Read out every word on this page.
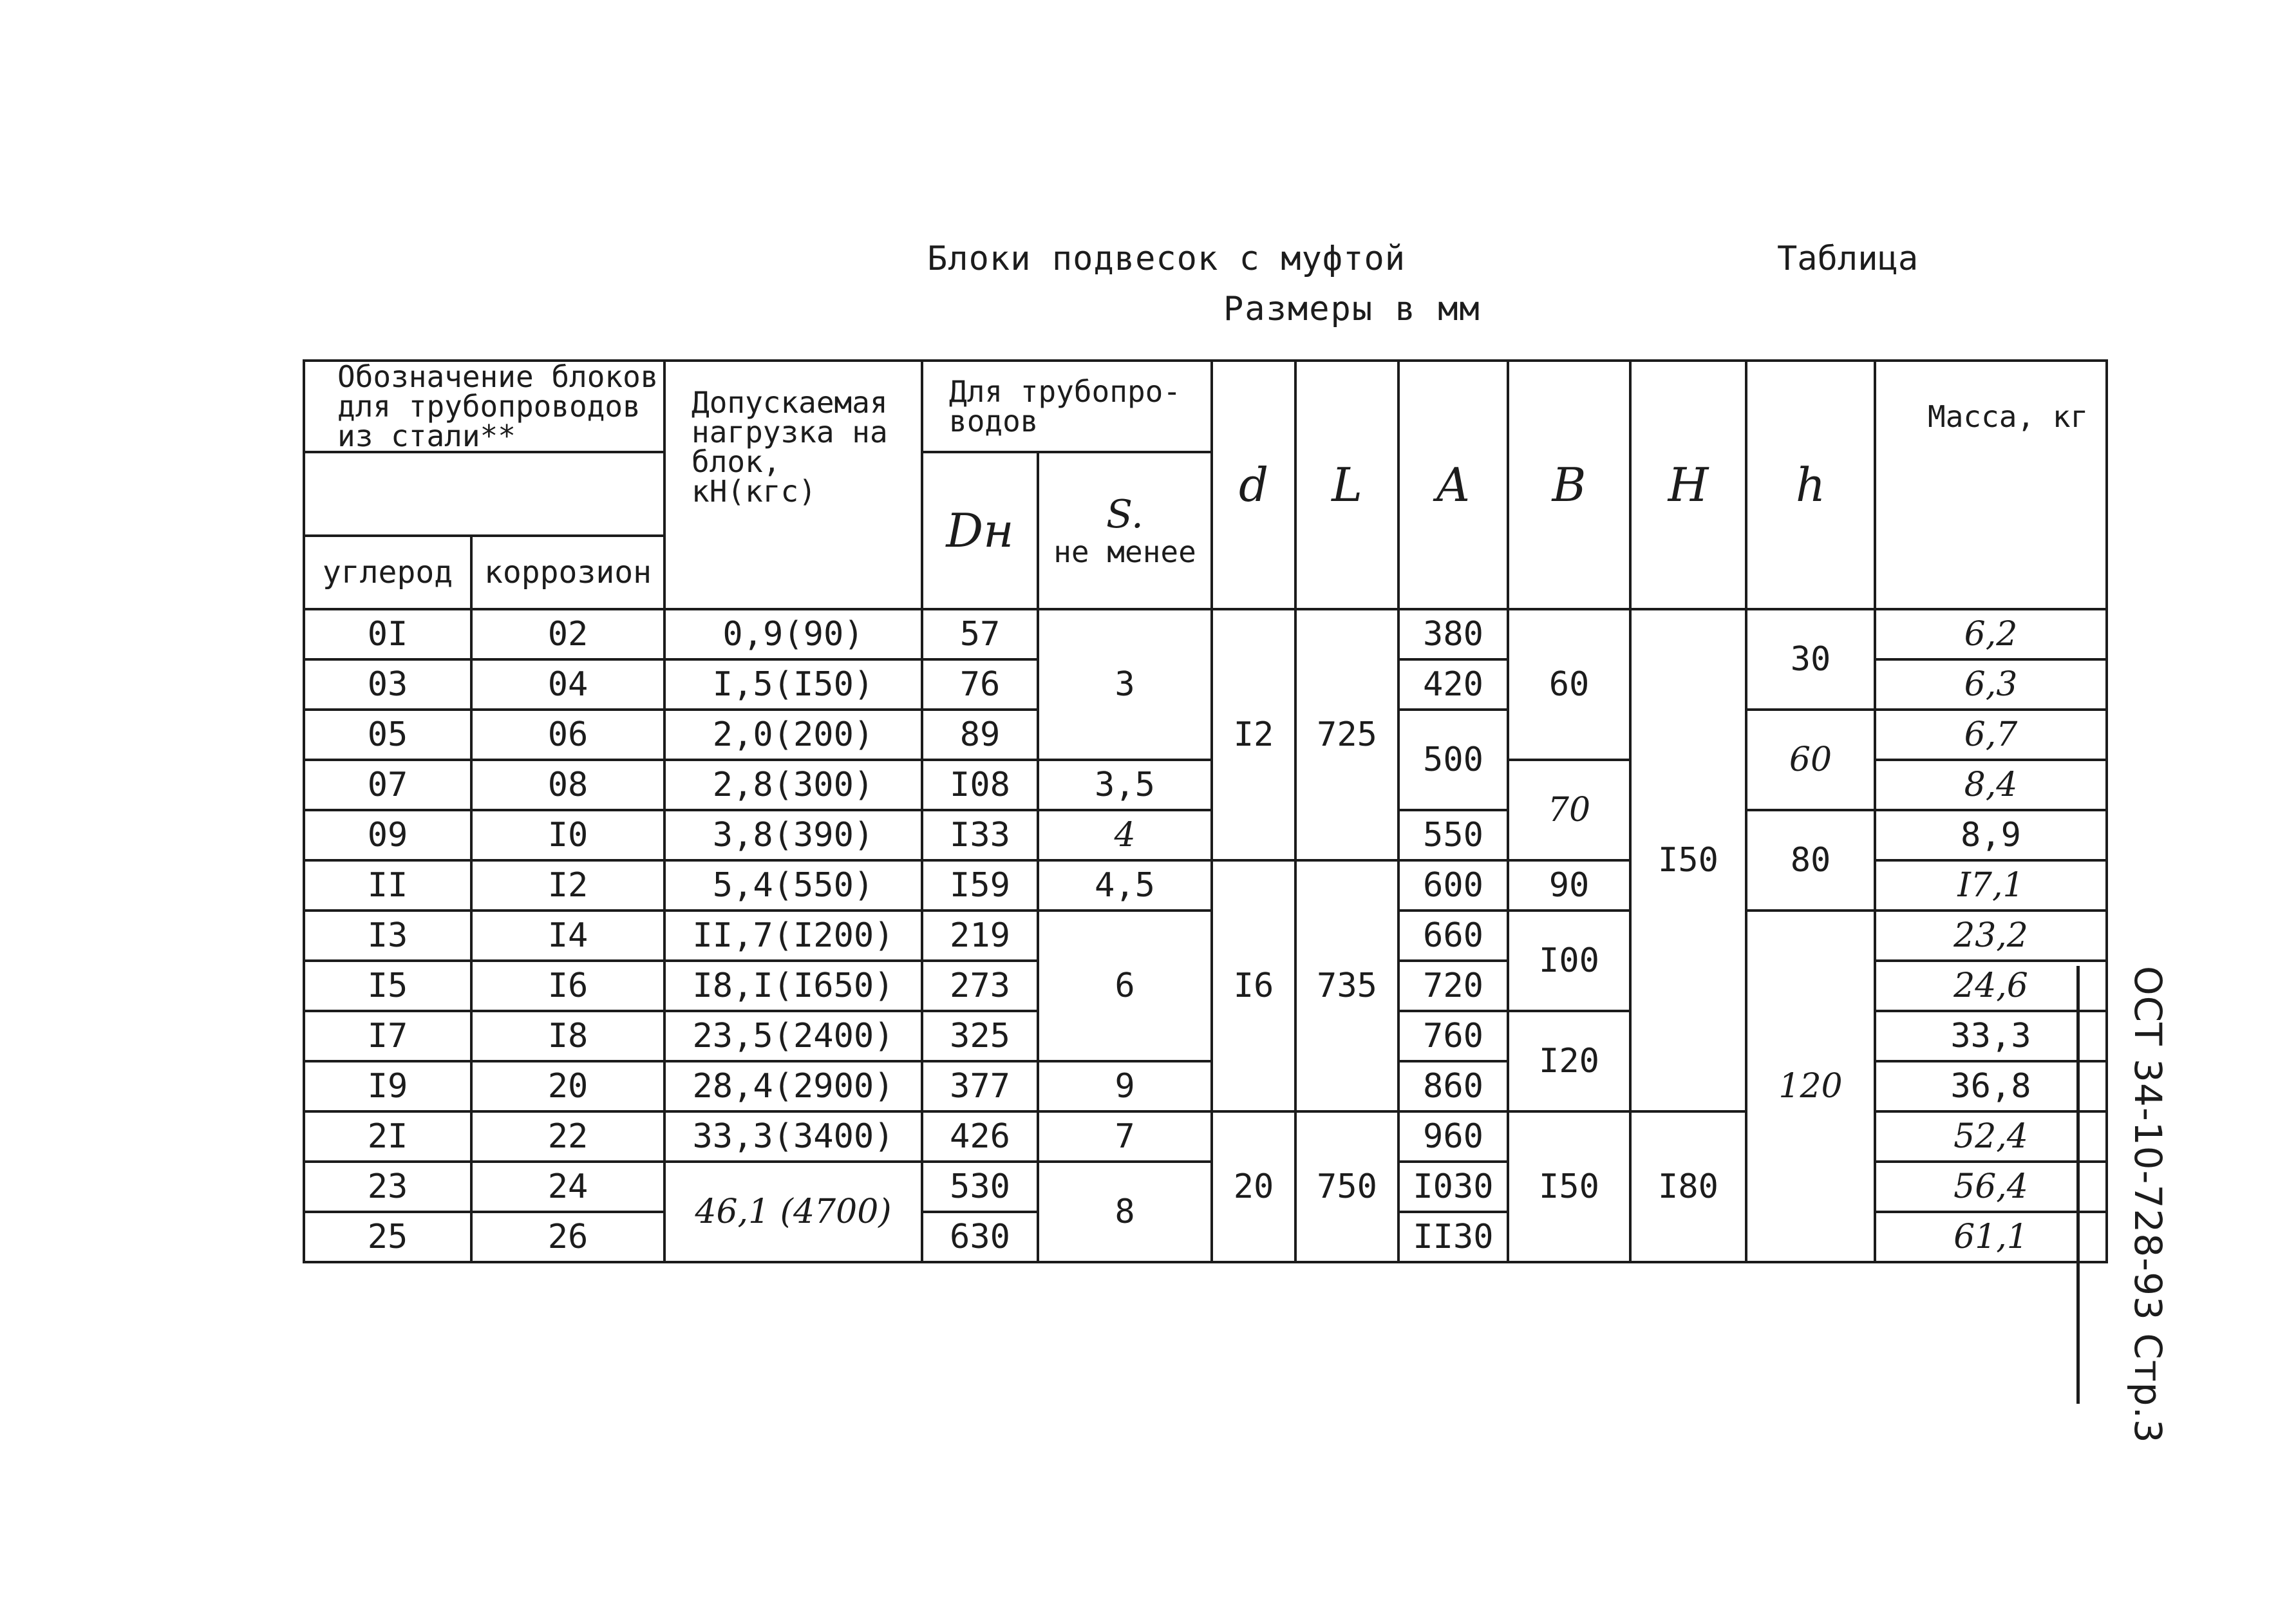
Блоки подвесок с муфтой	Таблица
Размеры в мм
Обозначение блоков для трубопроводов из стали**		Допускаемая нагрузка на блок, кН(кгс)	Для трубопро-водов		d	L	A	B	H	h	Масса, кг
			Dн	S.
не менее							

углерод	коррозион										
0I	02	0,9(90)	57	3	I2	725	380	60	I50	30	6,2
03	04	I,5(I50)	76				420				6,3
05	06	2,0(200)	89				500			60	6,7
07	08	2,8(300)	I08	3,5				70			8,4
09	I0	3,8(390)	I33	4			550			80	8,9
II	I2	5,4(550)	I59	4,5	I6	735	600	90			I7,1
I3	I4	II,7(I200)	219	6			660	I00		120	23,2
I5	I6	I8,I(I650)	273				720				24,6
I7	I8	23,5(2400)	325				760	I20			33,3
I9	20	28,4(2900)	377	9			860				36,8
2I	22	33,3(3400)	426	7	20	750	960	I50	I80		52,4
23	24	46,1 (4700)	530	8			I030				56,4
25	26		630				II30				61,1	ОСТ 34-10-728-93 Стр.3
